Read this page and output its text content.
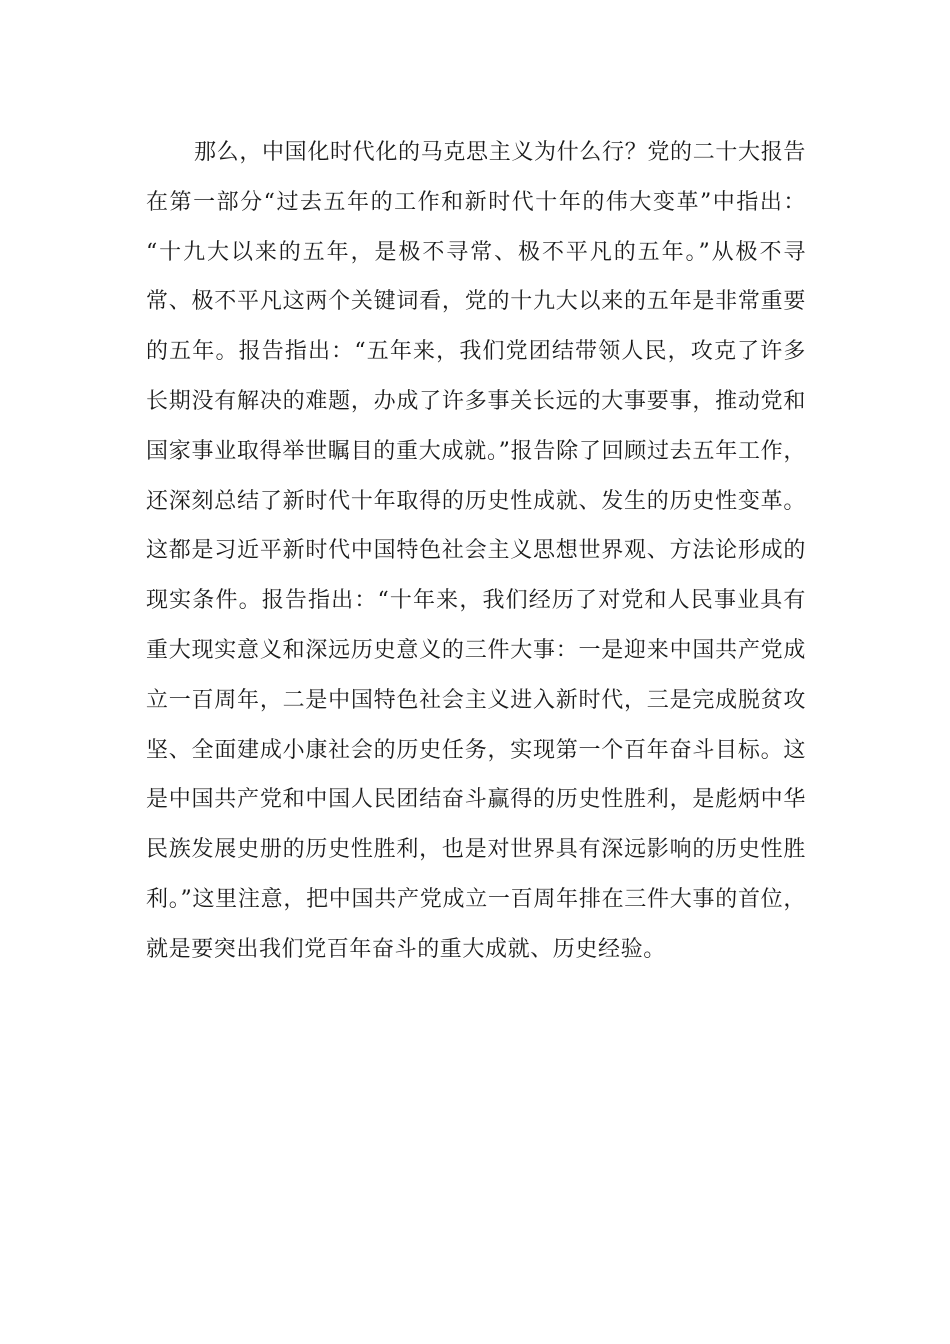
那么，中国化时代化的马克思主义为什么行？党的二十大报告
在第一部分“过去五年的工作和新时代十年的伟大变革”中指出：
“十九大以来的五年，是极不寻常、极不平凡的五年。”从极不寻
常、极不平凡这两个关键词看，党的十九大以来的五年是非常重要
的五年。报告指出：“五年来，我们党团结带领人民，攻克了许多
长期没有解决的难题，办成了许多事关长远的大事要事，推动党和
国家事业取得举世瞩目的重大成就。”报告除了回顾过去五年工作，
还深刻总结了新时代十年取得的历史性成就、发生的历史性变革。
这都是习近平新时代中国特色社会主义思想世界观、方法论形成的
现实条件。报告指出：“十年来，我们经历了对党和人民事业具有
重大现实意义和深远历史意义的三件大事：一是迎来中国共产党成
立一百周年，二是中国特色社会主义进入新时代，三是完成脱贫攻
坚、全面建成小康社会的历史任务，实现第一个百年奋斗目标。这
是中国共产党和中国人民团结奋斗赢得的历史性胜利，是彪炳中华
民族发展史册的历史性胜利，也是对世界具有深远影响的历史性胜
利。”这里注意，把中国共产党成立一百周年排在三件大事的首位，
就是要突出我们党百年奋斗的重大成就、历史经验。
